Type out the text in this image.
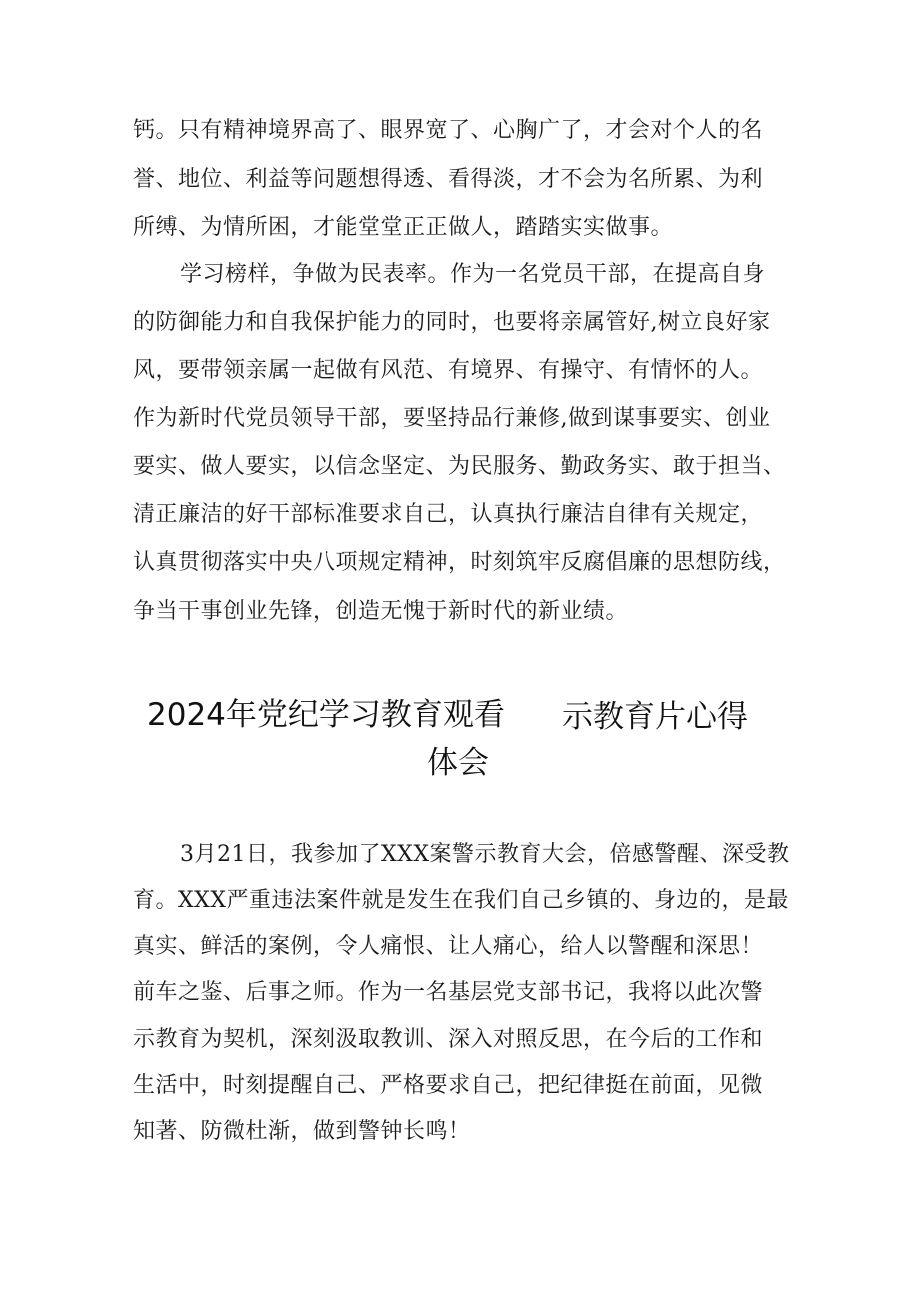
钙。只有精神境界高了、眼界宽了、心胸广了，才会对个人的名
誉、地位、利益等问题想得透、看得淡，才不会为名所累、为利
所缚、为情所困，才能堂堂正正做人，踏踏实实做事。
学习榜样，争做为民表率。作为一名党员干部，在提高自身
的防御能力和自我保护能力的同时，也要将亲属管好,树立良好家
风，要带领亲属一起做有风范、有境界、有操守、有情怀的人。
作为新时代党员领导干部，要坚持品行兼修,做到谋事要实、创业
要实、做人要实，以信念坚定、为民服务、勤政务实、敢于担当、
清正廉洁的好干部标准要求自己，认真执行廉洁自律有关规定，
认真贯彻落实中央八项规定精神，时刻筑牢反腐倡廉的思想防线，
争当干事创业先锋，创造无愧于新时代的新业绩。
2024年党纪学习教育观看 示教育片心得
体会
3月21日，我参加了XXX案警示教育大会，倍感警醒、深受教
育。XXX严重违法案件就是发生在我们自己乡镇的、身边的，是最
真实、鲜活的案例，令人痛恨、让人痛心，给人以警醒和深思！
前车之鉴、后事之师。作为一名基层党支部书记，我将以此次警
示教育为契机，深刻汲取教训、深入对照反思，在今后的工作和
生活中，时刻提醒自己、严格要求自己，把纪律挺在前面，见微
知著、防微杜渐，做到警钟长鸣！
